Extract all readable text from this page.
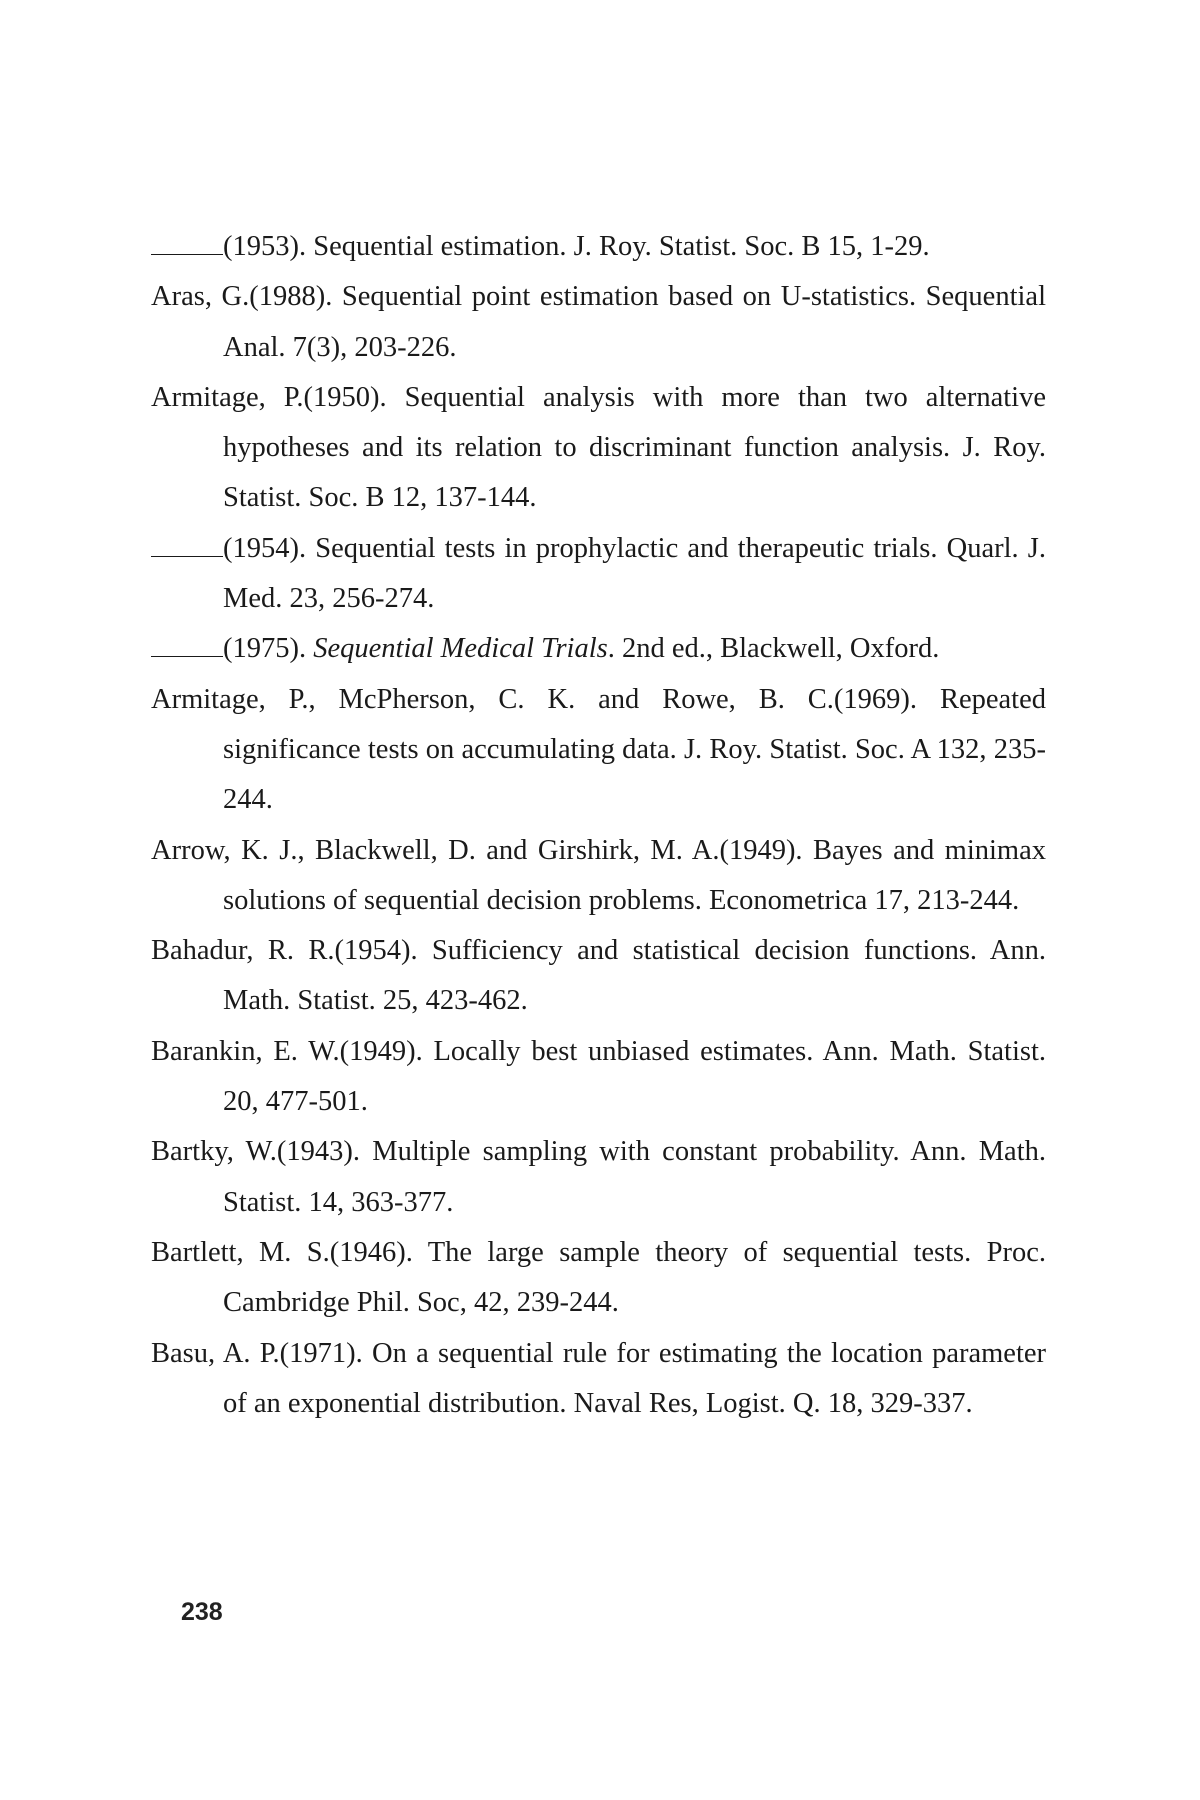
(1953). Sequential estimation. J. Roy. Statist. Soc. B 15, 1-29.

Aras, G.(1988). Sequential point estimation based on U-statistics. Sequential Anal. 7(3), 203-226.

Armitage, P.(1950). Sequential analysis with more than two alternative hypotheses and its relation to discriminant function analysis. J. Roy. Statist. Soc. B 12, 137-144.

(1954). Sequential tests in prophylactic and therapeutic trials. Quarl. J. Med. 23, 256-274.

(1975). Sequential Medical Trials. 2nd ed., Blackwell, Oxford.

Armitage, P., McPherson, C. K. and Rowe, B. C.(1969). Repeated significance tests on accumulating data. J. Roy. Statist. Soc. A 132, 235-244.

Arrow, K. J., Blackwell, D. and Girshirk, M. A.(1949). Bayes and minimax solutions of sequential decision problems. Econometrica 17, 213-244.

Bahadur, R. R.(1954). Sufficiency and statistical decision functions. Ann. Math. Statist. 25, 423-462.

Barankin, E. W.(1949). Locally best unbiased estimates. Ann. Math. Statist. 20, 477-501.

Bartky, W.(1943). Multiple sampling with constant probability. Ann. Math. Statist. 14, 363-377.

Bartlett, M. S.(1946). The large sample theory of sequential tests. Proc. Cambridge Phil. Soc, 42, 239-244.

Basu, A. P.(1971). On a sequential rule for estimating the location parameter of an exponential distribution. Naval Res, Logist. Q. 18, 329-337.

238
